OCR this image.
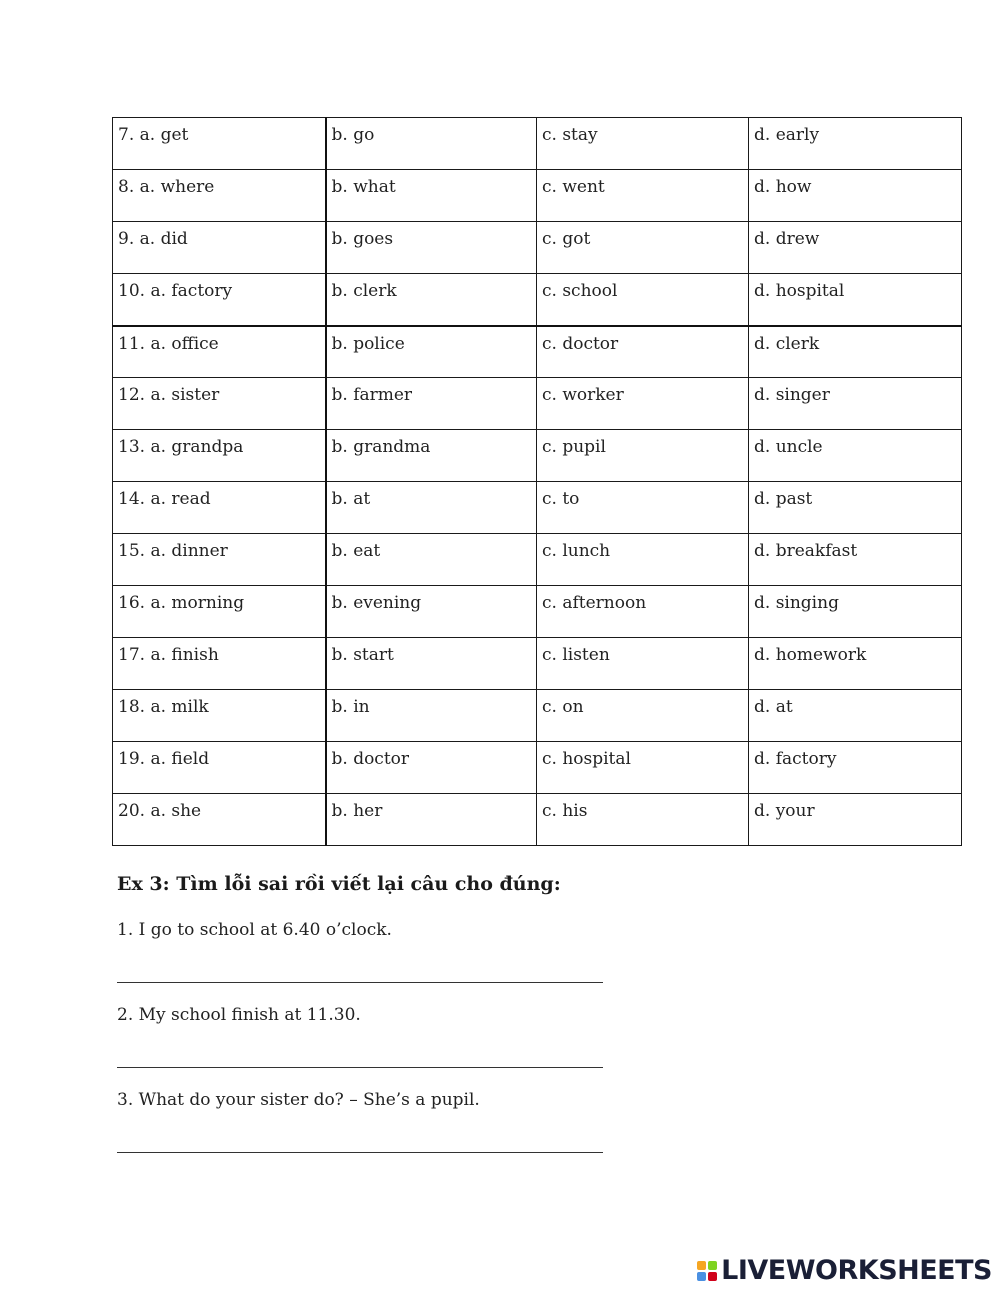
7. a. get	b. go	c. stay	d. early
8. a. where	b. what	c. went	d. how
9. a. did	b. goes	c. got	d. drew
10. a. factory	b. clerk	c. school	d. hospital
11. a. office	b. police	c. doctor	d. clerk
12. a. sister	b. farmer	c. worker	d. singer
13. a. grandpa	b. grandma	c. pupil	d. uncle
14. a. read	b. at	c. to	d. past
15. a. dinner	b. eat	c. lunch	d. breakfast
16. a. morning	b. evening	c. afternoon	d. singing
17. a. finish	b. start	c. listen	d. homework
18. a. milk	b. in	c. on	d. at
19. a. field	b. doctor	c. hospital	d. factory
20. a. she	b. her	c. his	d. your
Ex 3: Tìm lỗi sai rồi viết lại câu cho đúng:

1. I go to school at 6.40 o’clock.

2. My school finish at 11.30.

3. What do your sister do? – She’s a pupil.

LIVEWORKSHEETS
